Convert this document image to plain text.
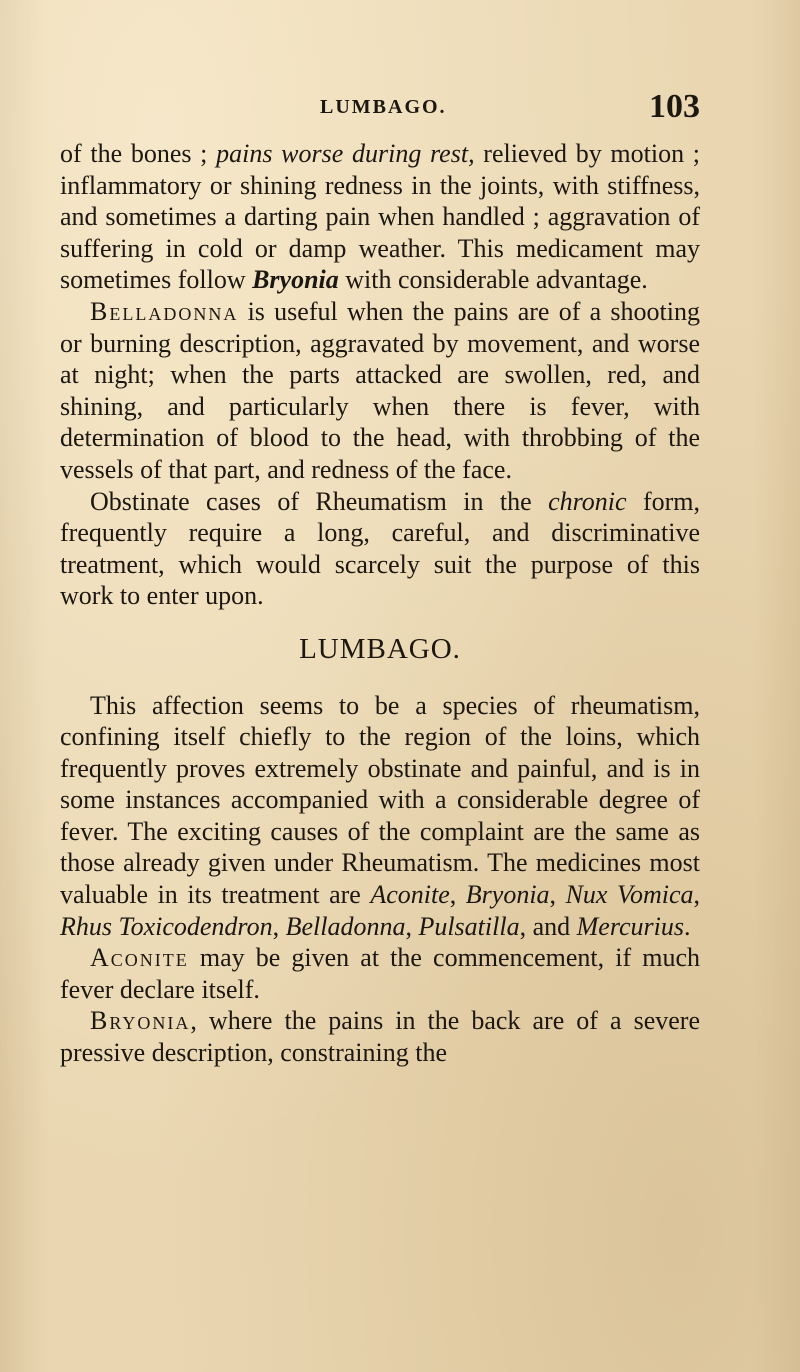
LUMBAGO.	103

of the bones ; pains worse during rest, relieved by motion ; inflammatory or shining redness in the joints, with stiffness, and sometimes a darting pain when handled ; aggravation of suffering in cold or damp weather. This medicament may sometimes follow Bryonia with considerable advantage.

Belladonna is useful when the pains are of a shooting or burning description, aggravated by movement, and worse at night; when the parts attacked are swollen, red, and shining, and particularly when there is fever, with determination of blood to the head, with throbbing of the vessels of that part, and redness of the face.

Obstinate cases of Rheumatism in the chronic form, frequently require a long, careful, and discriminative treatment, which would scarcely suit the purpose of this work to enter upon.

LUMBAGO.

This affection seems to be a species of rheumatism, confining itself chiefly to the region of the loins, which frequently proves extremely obstinate and painful, and is in some instances accompanied with a considerable degree of fever. The exciting causes of the complaint are the same as those already given under Rheumatism. The medicines most valuable in its treatment are Aconite, Bryonia, Nux Vomica, Rhus Toxicodendron, Belladonna, Pulsatilla, and Mercurius.

Aconite may be given at the commencement, if much fever declare itself.

Bryonia, where the pains in the back are of a severe pressive description, constraining the
